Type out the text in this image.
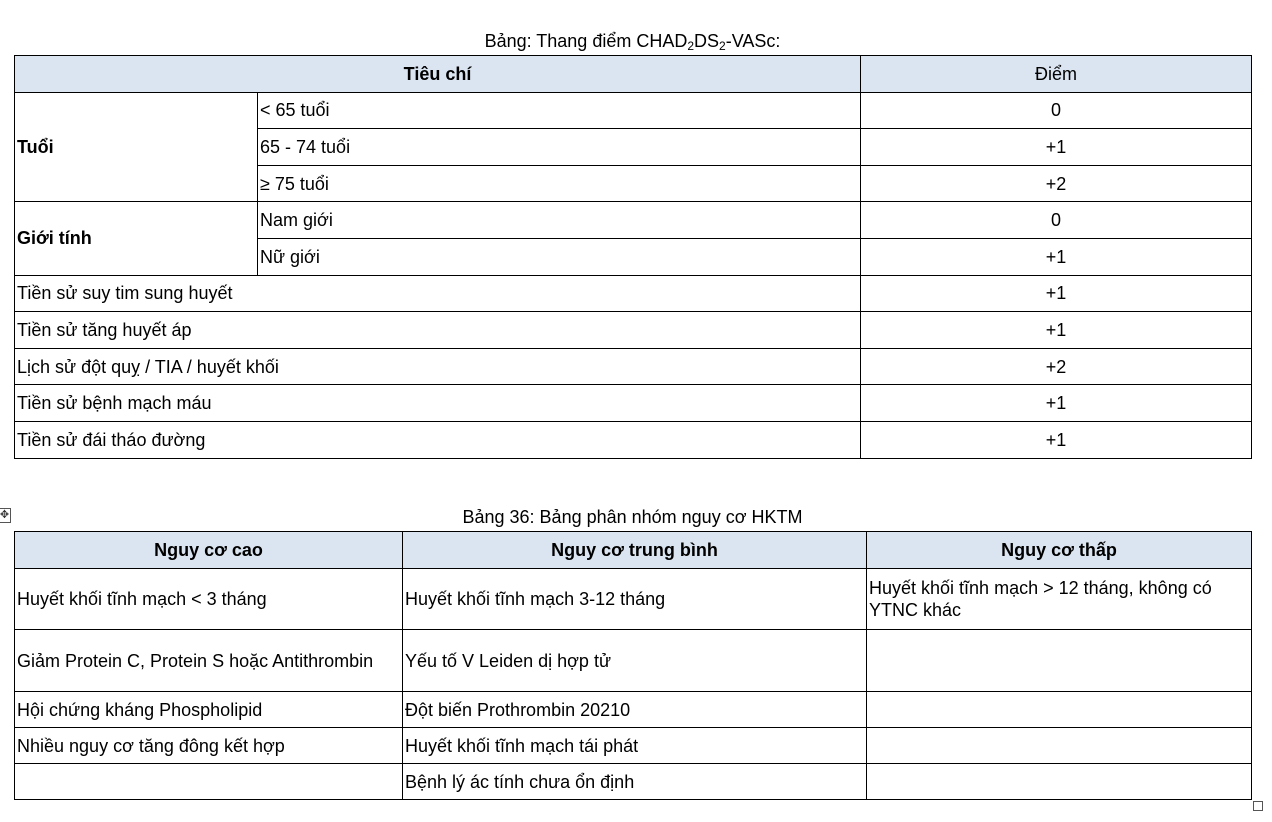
Bảng: Thang điểm $CHAD_2DS_2$-VASc:
Tiêu chí		Điểm
Tuổi	< 65 tuổi	0
	65 - 74 tuổi	+1
	≥ 75 tuổi	+2
Giới tính	Nam giới	0
	Nữ giới	+1
Tiền sử suy tim sung huyết		+1
Tiền sử tăng huyết áp		+1
Lịch sử đột quỵ / TIA / huyết khối		+2
Tiền sử bệnh mạch máu		+1
Tiền sử đái tháo đường		+1
✥	Bảng 36: Bảng phân nhóm nguy cơ HKTM
Nguy cơ cao	Nguy cơ trung bình	Nguy cơ thấp
Huyết khối tĩnh mạch < 3 tháng	Huyết khối tĩnh mạch 3-12 tháng	Huyết khối tĩnh mạch > 12 tháng, không có YTNC khác
Giảm Protein C, Protein S hoặc Antithrombin	Yếu tố V Leiden dị hợp tử	
Hội chứng kháng Phospholipid	Đột biến Prothrombin 20210	
Nhiều nguy cơ tăng đông kết hợp	Huyết khối tĩnh mạch tái phát	
	Bệnh lý ác tính chưa ổn định	
